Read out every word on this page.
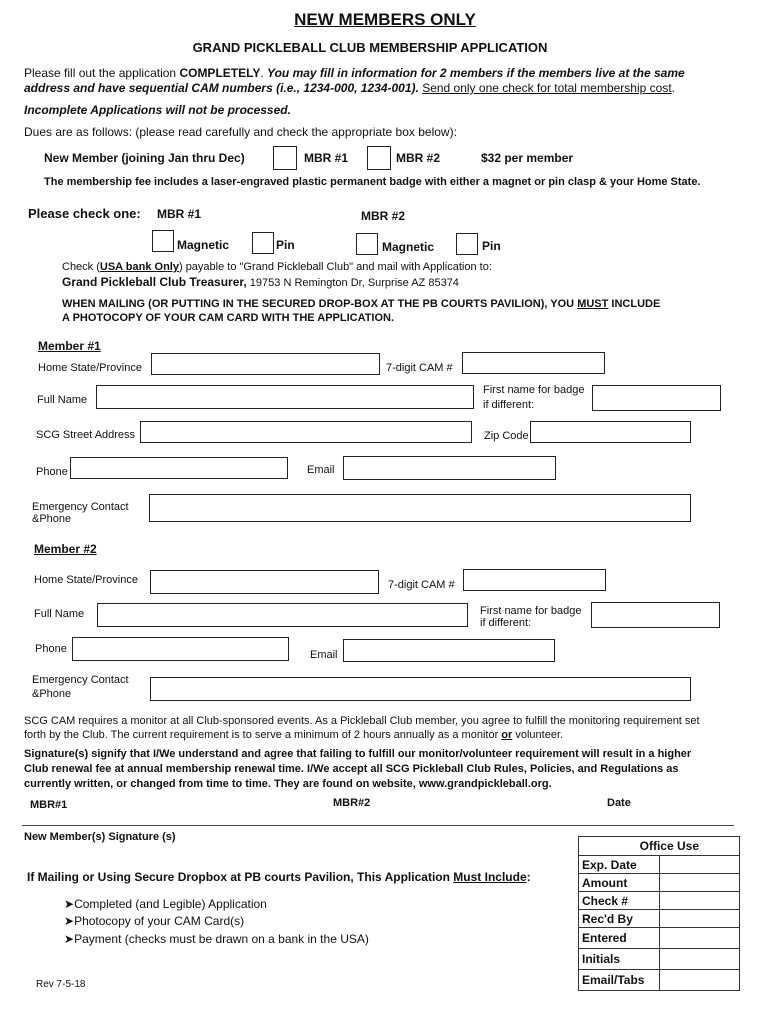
NEW MEMBERS ONLY
GRAND PICKLEBALL CLUB MEMBERSHIP APPLICATION
Please fill out the application COMPLETELY. You may fill in information for 2 members if the members live at the same
address and have sequential CAM numbers (i.e., 1234-000, 1234-001). Send only one check for total membership cost.
Incomplete Applications will not be processed.
Dues are as follows: (please read carefully and check the appropriate box below):
New Member (joining Jan thru Dec)	MBR #1	MBR #2	$32 per member
The membership fee includes a laser-engraved plastic permanent badge with either a magnet or pin clasp & your Home State.
Please check one: MBR #1	MBR #2
Magnetic	Pin	Magnetic	Pin
Check (USA bank Only) payable to "Grand Pickleball Club" and mail with Application to:
Grand Pickleball Club Treasurer, 19753 N Remington Dr, Surprise AZ 85374
WHEN MAILING (OR PUTTING IN THE SECURED DROP-BOX AT THE PB COURTS PAVILION), YOU MUST INCLUDE
A PHOTOCOPY OF YOUR CAM CARD WITH THE APPLICATION.
Member #1
Home State/Province	7-digit CAM #
Full Name
First name for badge
if different:
SCG Street Address	Zip Code
Phone	Email
Emergency Contact
&Phone
Member #2
Home State/Province	7-digit CAM #
Full Name	First name for badge
if different:
Phone	Email
Emergency Contact
&Phone
SCG CAM requires a monitor at all Club-sponsored events. As a Pickleball Club member, you agree to fulfill the monitoring requirement set
forth by the Club. The current requirement is to serve a minimum of 2 hours annually as a monitor or volunteer.
Signature(s) signify that I/We understand and agree that failing to fulfill our monitor/volunteer requirement will result in a higher
Club renewal fee at annual membership renewal time. I/We accept all SCG Pickleball Club Rules, Policies, and Regulations as
currently written, or changed from time to time. They are found on website, www.grandpickleball.org.
MBR#1	MBR#2	Date
New Member(s) Signature (s)
If Mailing or Using Secure Dropbox at PB courts Pavilion, This Application Must Include:
➤Completed (and Legible) Application
➤Photocopy of your CAM Card(s)
➤Payment (checks must be drawn on a bank in the USA)
Office Use	
Exp. Date	
Amount	
Check #	
Rec'd By	
Entered	
Initials	
Email/Tabs	
Rev 7-5-18
